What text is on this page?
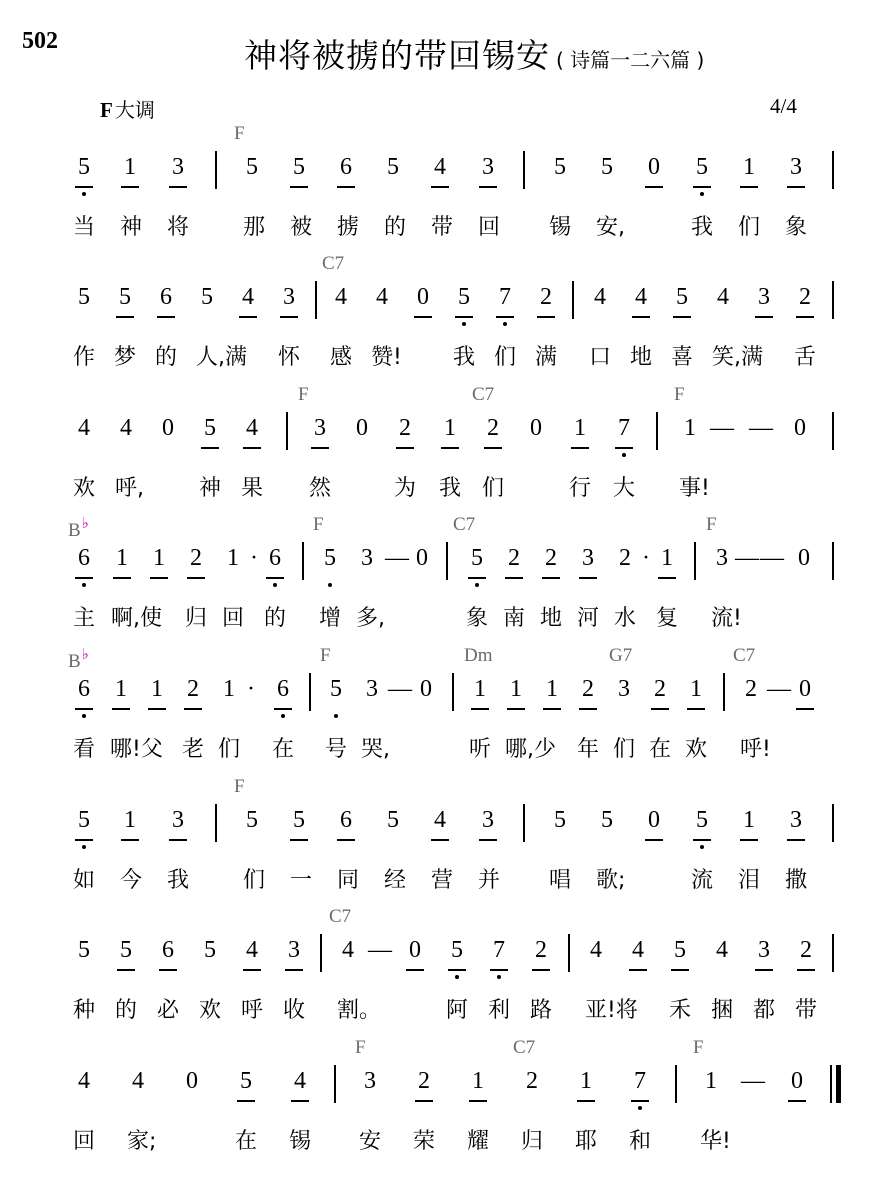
502	神将被掳的带回锡安 ( 诗篇一二六篇 )
F 大调	4/4
F
5 1 3	5 5 6 5 4 3	5 5 0 5 1 3
当 神 将 那 被 掳 的 带 回 锡 安,	我 们 象
C7
5 5 6 5 4 3 4 4 0 5 7 2 4 4 5 4 3 2
作 梦 的 人,满 怀 感 赞! 我 们 满 口 地 喜 笑,满 舌
F	C7	F
4 4 0 5 4 3 0 2 1 2 0 1 7 1 — — 0
欢 呼,	神 果 然	为 我 们	行 大 事!
B♭	F	C7	F
6 1 1 2 1 · 6 5 3 — 0 5 2 2 3 2 · 1 3 — — 0
主 啊,使 归 回 的 增 多,	象 南 地 河 水 复 流!
B♭	F	Dm	G7	C7
6 1 1 2 1 · 6 5 3 — 0 1 1 1 2 3 2 1 2 — 0
看 哪!父 老 们 在 号 哭,	听 哪,少 年 们 在 欢 呼!
F
5 1 3	5 5 6 5 4 3	5 5 0 5 1 3
如 今 我 们 一 同 经 营 并 唱 歌;	流 泪 撒
C7
5 5 6 5 4 3 4 — 0 5 7 2 4 4 5 4 3 2
种 的 必 欢 呼 收 割。	阿 利 路 亚!将 禾 捆 都 带
F	C7	F
4 4 0 5 4 3 2 1 2 1 7 1 — 0
回 家;	在 锡 安 荣 耀 归 耶 和 华!
